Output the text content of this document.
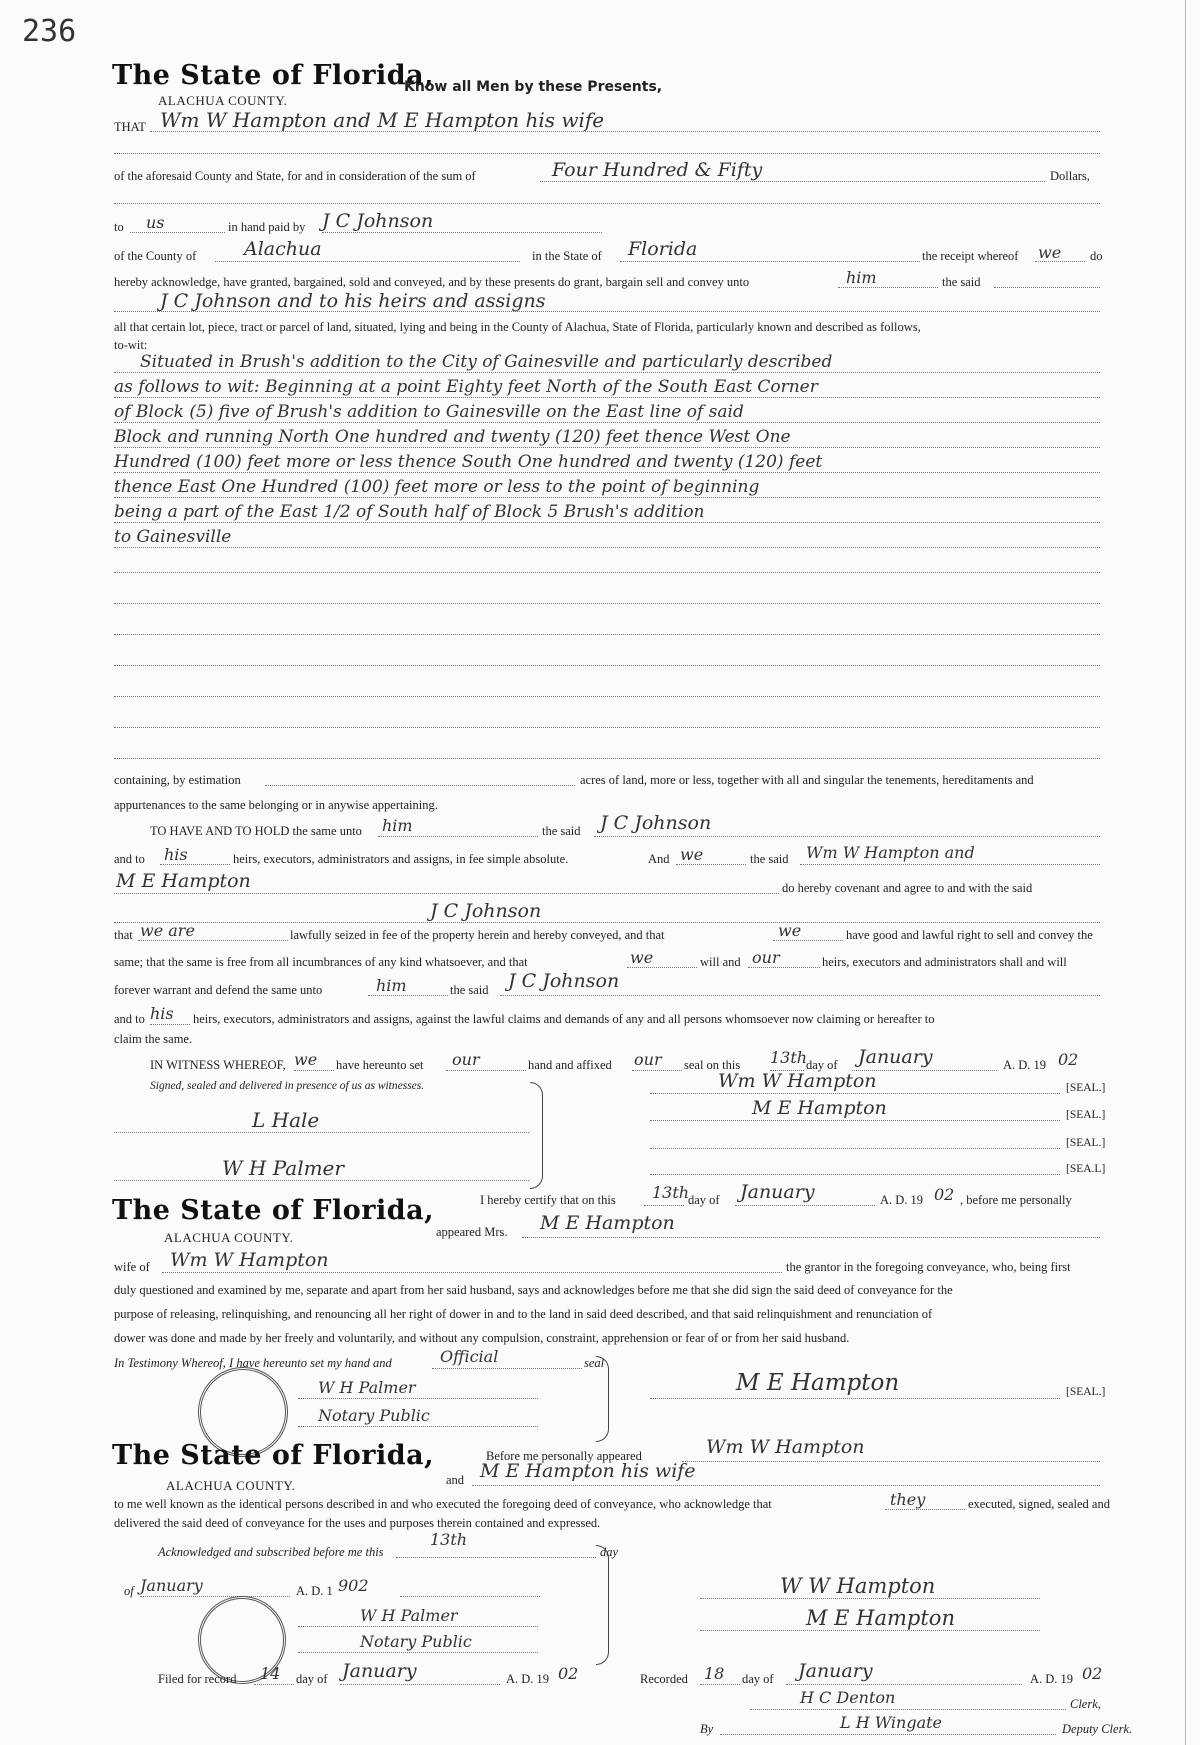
236
The State of Florida,
ALACHUA COUNTY.
Know all Men by these Presents,
THAT Wm W Hampton and M E Hampton his wife
of the aforesaid County and State, for and in consideration of the sum of	Four Hundred & Fifty	Dollars,
to us	in hand paid by J C Johnson
of the County of	Alachua	in the State of Florida	the receipt whereof we do
hereby acknowledge, have granted, bargained, sold and conveyed, and by these presents do grant, bargain sell and convey unto	him	the said
J C Johnson and to his heirs and assigns
all that certain lot, piece, tract or parcel of land, situated, lying and being in the County of Alachua, State of Florida, particularly known and described as follows,
to-wit:
Situated in Brush's addition to the City of Gainesville and particularly described
as follows to wit: Beginning at a point Eighty feet North of the South East Corner
of Block (5) five of Brush's addition to Gainesville on the East line of said
Block and running North One hundred and twenty (120) feet thence West One
Hundred (100) feet more or less thence South One hundred and twenty (120) feet
thence East One Hundred (100) feet more or less to the point of beginning
being a part of the East 1/2 of South half of Block 5 Brush's addition
to Gainesville
containing, by estimation	acres of land, more or less, together with all and singular the tenements, hereditaments and
appurtenances to the same belonging or in anywise appertaining.
TO HAVE AND TO HOLD the same unto him	the said J C Johnson
and to his	heirs, executors, administrators and assigns, in fee simple absolute.	And we	the said Wm W Hampton and
M E Hampton	do hereby covenant and agree to and with the said
J C Johnson
that we are	lawfully seized in fee of the property herein and hereby conveyed, and that	we	have good and lawful right to sell and convey the
same; that the same is free from all incumbrances of any kind whatsoever, and that	we	will and our	heirs, executors and administrators shall and will
forever warrant and defend the same unto	him	the said J C Johnson
and to his heirs, executors, administrators and assigns, against the lawful claims and demands of any and all persons whomsoever now claiming or hereafter to
claim the same.
IN WITNESS WHEREOF, we have hereunto set our	hand and affixed our seal on this 13th
day of January	A. D. 19 02
Signed, sealed and delivered in presence of us as witnesses.
L Hale
W H Palmer
Wm W Hampton	[SEAL.]
M E Hampton	[SEAL.]
[SEAL.]
[SEA.L]
The State of Florida,
ALACHUA COUNTY.
I hereby certify that on this 13th
day of January	A. D. 19 02 , before me personally
appeared Mrs. M E Hampton
wife of Wm W Hampton	the grantor in the foregoing conveyance, who, being first
duly questioned and examined by me, separate and apart from her said husband, says and acknowledges before me that she did sign the said deed of conveyance for the
purpose of releasing, relinquishing, and renouncing all her right of dower in and to the land in said deed described, and that said relinquishment and renunciation of
dower was done and made by her freely and voluntarily, and without any compulsion, constraint, apprehension or fear of or from her said husband.
In Testimony Whereof, I have hereunto set my hand and	Official	seal
W H Palmer
Notary Public
M E Hampton	[SEAL.]
The State of Florida,
ALACHUA COUNTY.
Before me personally appeared	Wm W Hampton
and M E Hampton his wife
to me well known as the identical persons described in and who executed the foregoing deed of conveyance, who acknowledge that	they	executed, signed, sealed and
delivered the said deed of conveyance for the uses and purposes therein contained and expressed.
Acknowledged and subscribed before me this
13th
day
of January	A. D. 1 902
W H Palmer
Notary Public
W W Hampton
M E Hampton
Filed for record 14 day of January	A. D. 19 02	Recorded 18 day of January	A. D. 19 02
H C Denton	Clerk,
By	L H Wingate	Deputy Clerk.
